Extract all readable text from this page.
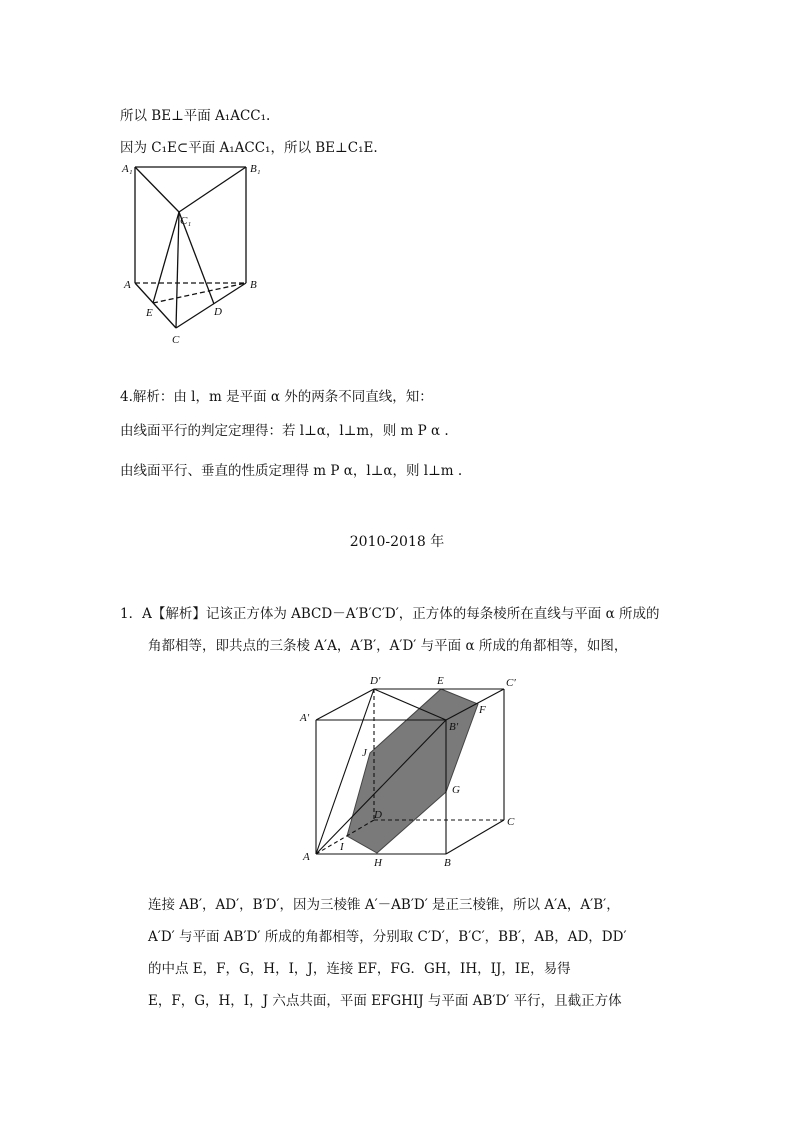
所以 BE⊥平面 A₁ACC₁.
因为 C₁E⊂平面 A₁ACC₁，所以 BE⊥C₁E.
A₁	B₁
C₁
A	B
E	D
C
4.解析：由 l，m 是平面 α 外的两条不同直线，知：
由线面平行的判定定理得：若 l⊥α，l⊥m，则 m P α .
由线面平行、垂直的性质定理得 m P α，l⊥α，则 l⊥m .
2010-2018 年
1．A【解析】记该正方体为 ABCD－A′B′C′D′，正方体的每条棱所在直线与平面 α 所成的
角都相等，即共点的三条棱 A′A，A′B′，A′D′ 与平面 α 所成的角都相等，如图，
D′	E	C′
A′
F
B′
J
G
D
C
A
I
H	B
连接 AB′，AD′，B′D′，因为三棱锥 A′－AB′D′ 是正三棱锥，所以 A′A，A′B′，
A′D′ 与平面 AB′D′ 所成的角都相等，分别取 C′D′，B′C′，BB′，AB，AD，DD′
的中点 E，F，G，H，I，J，连接 EF，FG．GH，IH，IJ，IE，易得
E，F，G，H，I，J 六点共面，平面 EFGHIJ 与平面 AB′D′ 平行，且截正方体
